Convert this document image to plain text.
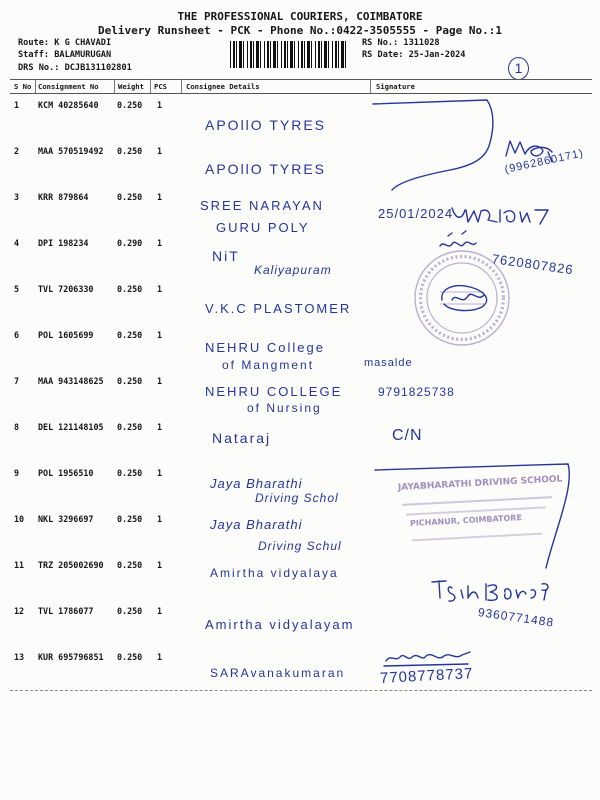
THE PROFESSIONAL COURIERS, COIMBATORE
Delivery Runsheet - PCK - Phone No.:0422-3505555 - Page No.:1
Route: K G CHAVADI
Staff: BALAMURUGAN
DRS No.: DCJB131102801
RS No.: 1311028
RS Date: 25-Jan-2024
1
S No Consignment No	Weight PCS	Consignee Details	Signature
1 KCM 40285640 0.250 1
APOllO TYRES
2 MAA 570519492 0.250 1
APOllO TYRES	(9962860171)
3 KRR 879864	0.250 1
SREE NARAYAN
GURU POLY
25/01/2024
4 DPI 198234	0.290 1
NiT
Kaliyapuram	7620807826
5 TVL 7206330	0.250 1
V.K.C PLASTOMER
6 POL 1605699	0.250 1
NEHRU College
of Mangment	masalde
7 MAA 943148625 0.250 1
NEHRU COLLEGE
of Nursing
9791825738
8 DEL 121148105 0.250 1
Nataraj	C/N
9 POL 1956510	0.250 1
Jaya Bharathi
Driving Schol
10 NKL 3296697	0.250 1	Jaya Bharathi
Driving Schul
11 TRZ 205002690 0.250 1
Amirtha vidyalaya
12 TVL 1786077	0.250 1
Amirtha vidyalayam	9360771488
13 KUR 695796851 0.250 1
SARAvanakumaran 7708778737
JAYABHARATHI DRIVING SCHOOL
PICHANUR, COIMBATORE
